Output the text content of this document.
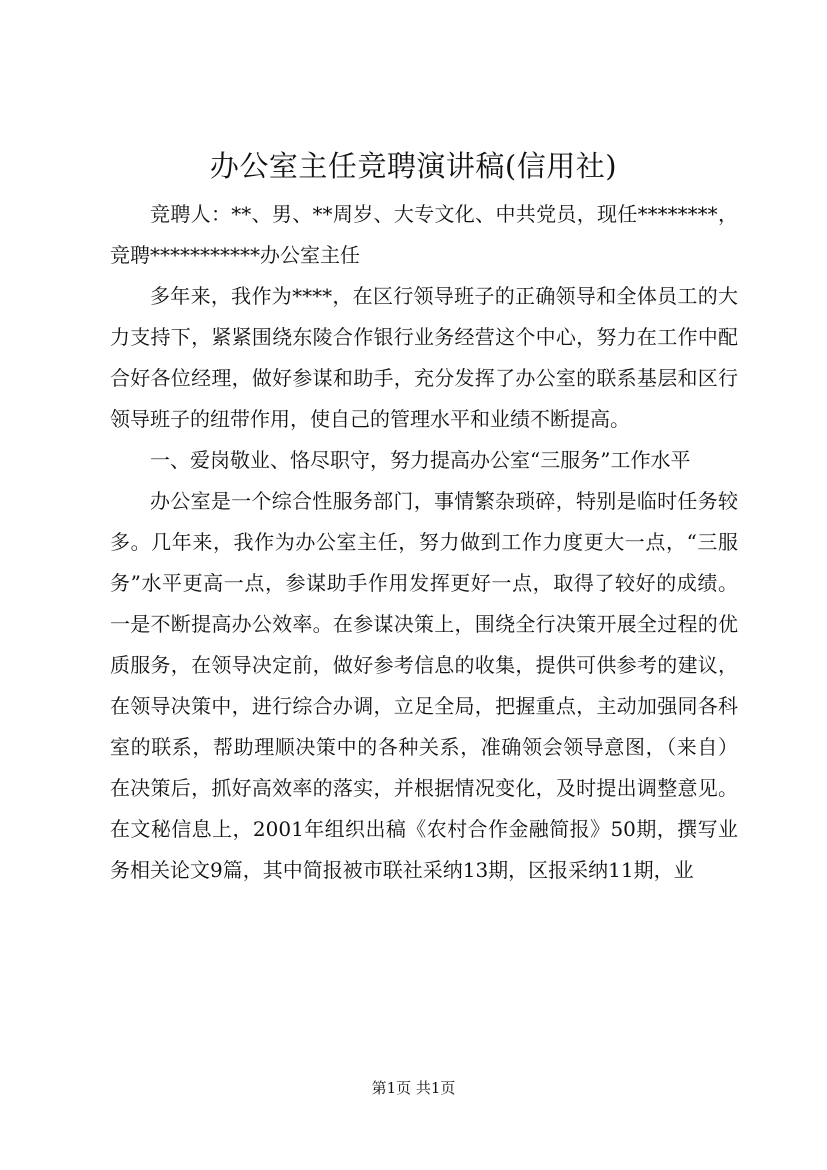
办公室主任竞聘演讲稿(信用社)

竞聘人：**、男、**周岁、大专文化、中共党员，现任********，竞聘***********办公室主任

多年来，我作为****，在区行领导班子的正确领导和全体员工的大力支持下，紧紧围绕东陵合作银行业务经营这个中心，努力在工作中配合好各位经理，做好参谋和助手，充分发挥了办公室的联系基层和区行领导班子的纽带作用，使自己的管理水平和业绩不断提高。

一、爱岗敬业、恪尽职守，努力提高办公室“三服务”工作水平

办公室是一个综合性服务部门，事情繁杂琐碎，特别是临时任务较多。几年来，我作为办公室主任，努力做到工作力度更大一点，“三服务”水平更高一点，参谋助手作用发挥更好一点，取得了较好的成绩。一是不断提高办公效率。在参谋决策上，围绕全行决策开展全过程的优质服务，在领导决定前，做好参考信息的收集，提供可供参考的建议，在领导决策中，进行综合办调，立足全局，把握重点，主动加强同各科室的联系，帮助理顺决策中的各种关系，准确领会领导意图，（来自）在决策后，抓好高效率的落实，并根据情况变化，及时提出调整意见。在文秘信息上，2001年组织出稿《农村合作金融简报》50期，撰写业务相关论文9篇，其中简报被市联社采纳13期，区报采纳11期，业

第1页 共1页
